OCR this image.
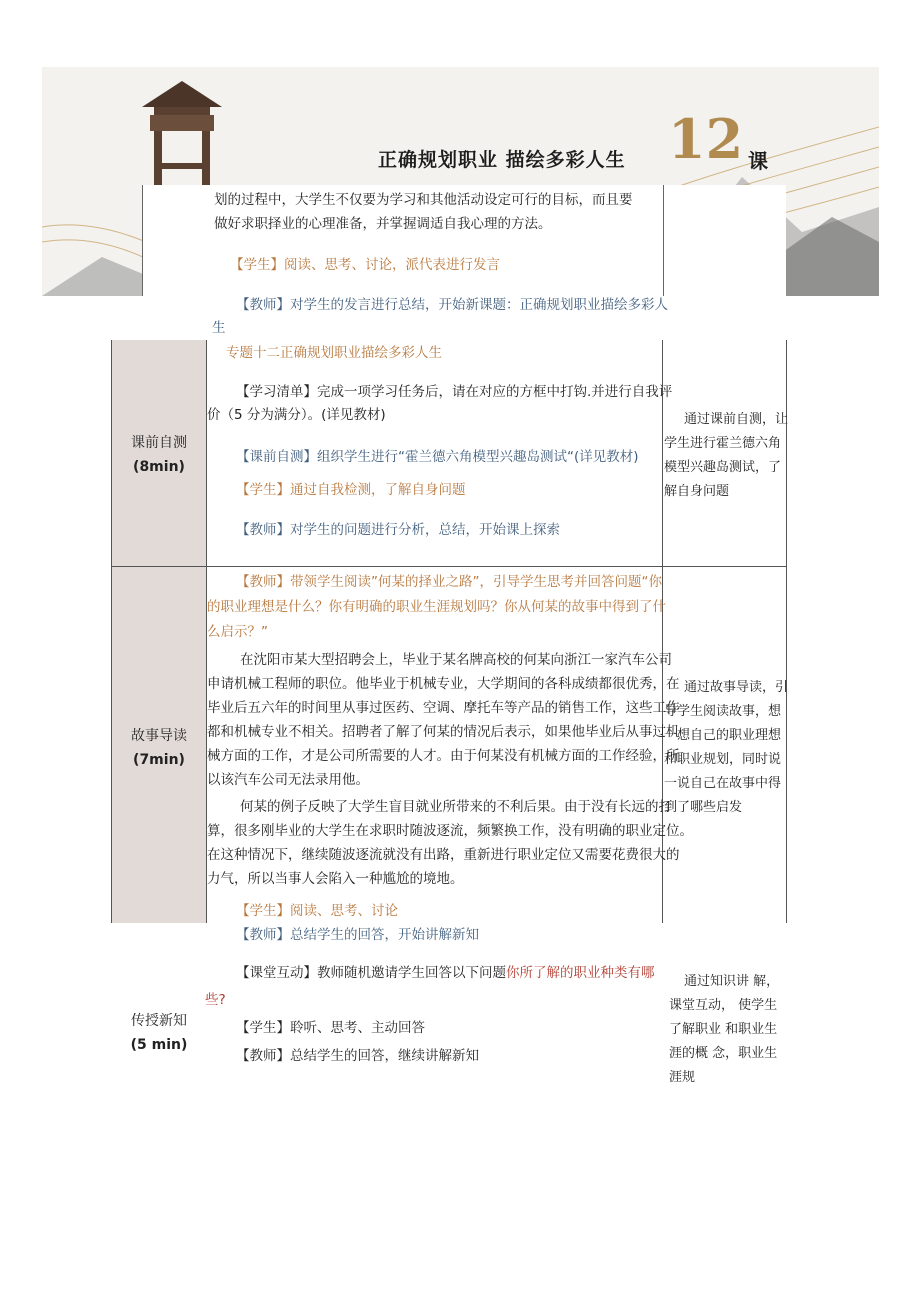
正确规划职业 描绘多彩人生 12 课
划的过程中，大学生不仅要为学习和其他活动设定可行的目标，而且要
做好求职择业的心理准备，并掌握调适自我心理的方法。
【学生】阅读、思考、讨论，派代表进行发言
【教师】对学生的发言进行总结，开始新课题：正确规划职业描绘多彩人
生
专题十二正确规划职业描绘多彩人生
课前自测
(8min)
【学习清单】完成一项学习任务后，请在对应的方框中打钩.并进行自我评
价（5 分为满分）。(详见教材)
【课前自测】组织学生进行“霍兰德六角模型兴趣岛测试“(详见教材)
【学生】通过自我检测，了解自身问题
【教师】对学生的问题进行分析，总结，开始课上探索
通过课前自测，让
学生进行霍兰德六角
模型兴趣岛测试，了
解自身问题
故事导读
(7min)
【教师】带领学生阅读”何某的择业之路”，引导学生思考并回答问题“你
的职业理想是什么？你有明确的职业生涯规划吗？你从何某的故事中得到了什
么启示？”
在沈阳市某大型招聘会上，毕业于某名牌高校的何某向浙江一家汽车公司
申请机械工程师的职位。他毕业于机械专业，大学期间的各科成绩都很优秀，在
毕业后五六年的时间里从事过医药、空调、摩托车等产品的销售工作，这些工作
都和机械专业不相关。招聘者了解了何某的情况后表示，如果他毕业后从事过机
械方面的工作，才是公司所需要的人才。由于何某没有机械方面的工作经验，所
以该汽车公司无法录用他。
何某的例子反映了大学生盲目就业所带来的不利后果。由于没有长远的打
算，很多刚毕业的大学生在求职时随波逐流，频繁换工作，没有明确的职业定位。
在这种情况下，继续随波逐流就没有出路，重新进行职业定位又需要花费很大的
力气，所以当事人会陷入一种尴尬的境地。
【学生】阅读、思考、讨论
通过故事导读，引
导学生阅读故事，想
一想自己的职业理想
和职业规划，同时说
一说自己在故事中得
到了哪些启发
【教师】总结学生的回答，开始讲解新知
传授新知
(5 min)
【课堂互动】教师随机邀请学生回答以下问题你所了解的职业种类有哪
些?
【学生】聆听、思考、主动回答
【教师】总结学生的回答，继续讲解新知
通过知识讲 解，
课堂互动， 使学生
了解职业 和职业生
涯的概 念，职业生
涯规
